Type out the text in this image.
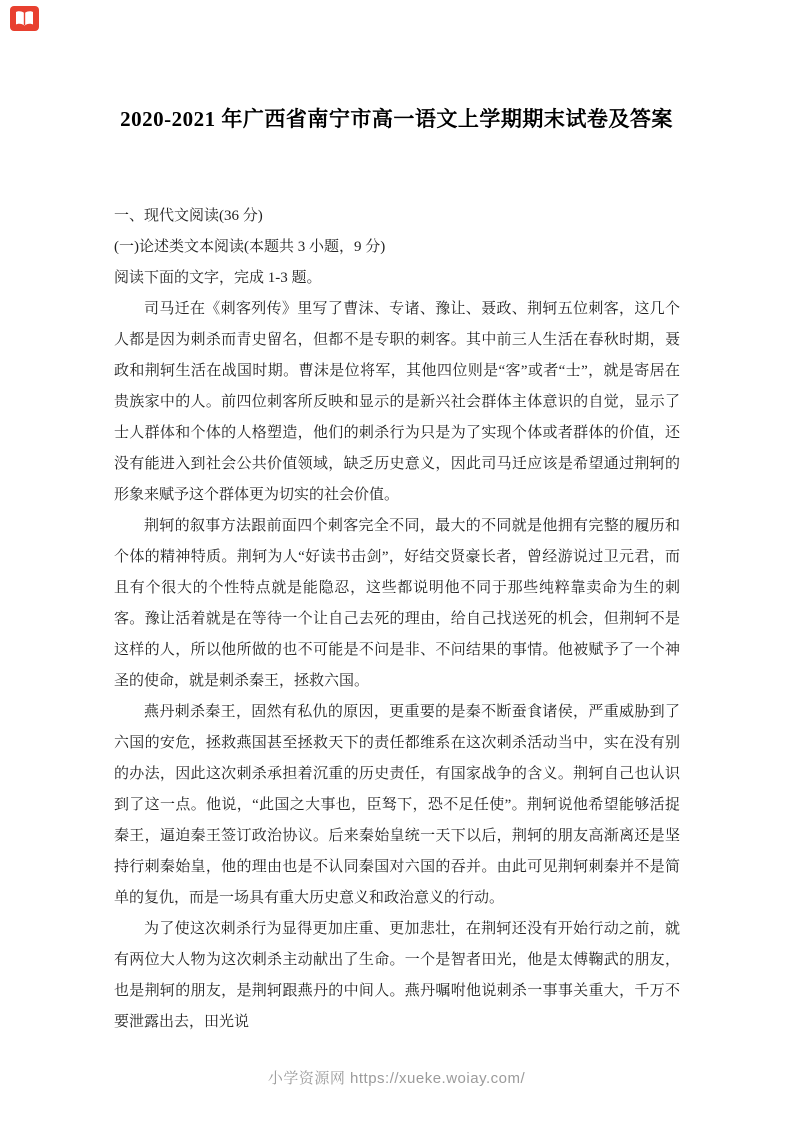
2020-2021 年广西省南宁市高一语文上学期期末试卷及答案

一、现代文阅读(36 分)

(一)论述类文本阅读(本题共 3 小题，9 分)

阅读下面的文字，完成 1-3 题。

司马迁在《刺客列传》里写了曹沫、专诸、豫让、聂政、荆轲五位刺客，这几个人都是因为刺杀而青史留名，但都不是专职的刺客。其中前三人生活在春秋时期，聂政和荆轲生活在战国时期。曹沫是位将军，其他四位则是“客”或者“士”，就是寄居在贵族家中的人。前四位刺客所反映和显示的是新兴社会群体主体意识的自觉，显示了士人群体和个体的人格塑造，他们的刺杀行为只是为了实现个体或者群体的价值，还没有能进入到社会公共价值领域，缺乏历史意义，因此司马迁应该是希望通过荆轲的形象来赋予这个群体更为切实的社会价值。

荆轲的叙事方法跟前面四个刺客完全不同，最大的不同就是他拥有完整的履历和个体的精神特质。荆轲为人“好读书击剑”，好结交贤豪长者，曾经游说过卫元君，而且有个很大的个性特点就是能隐忍，这些都说明他不同于那些纯粹靠卖命为生的刺客。豫让活着就是在等待一个让自己去死的理由，给自己找送死的机会，但荆轲不是这样的人，所以他所做的也不可能是不问是非、不问结果的事情。他被赋予了一个神圣的使命，就是刺杀秦王，拯救六国。

燕丹刺杀秦王，固然有私仇的原因，更重要的是秦不断蚕食诸侯，严重威胁到了六国的安危，拯救燕国甚至拯救天下的责任都维系在这次刺杀活动当中，实在没有别的办法，因此这次刺杀承担着沉重的历史责任，有国家战争的含义。荆轲自己也认识到了这一点。他说，“此国之大事也，臣驽下，恐不足任使”。荆轲说他希望能够活捉秦王，逼迫秦王签订政治协议。后来秦始皇统一天下以后，荆轲的朋友高渐离还是坚持行刺秦始皇，他的理由也是不认同秦国对六国的吞并。由此可见荆轲刺秦并不是简单的复仇，而是一场具有重大历史意义和政治意义的行动。

为了使这次刺杀行为显得更加庄重、更加悲壮，在荆轲还没有开始行动之前，就有两位大人物为这次刺杀主动献出了生命。一个是智者田光，他是太傅鞠武的朋友，也是荆轲的朋友，是荆轲跟燕丹的中间人。燕丹嘱咐他说刺杀一事事关重大，千万不要泄露出去，田光说

小学资源网 https://xueke.woiay.com/
